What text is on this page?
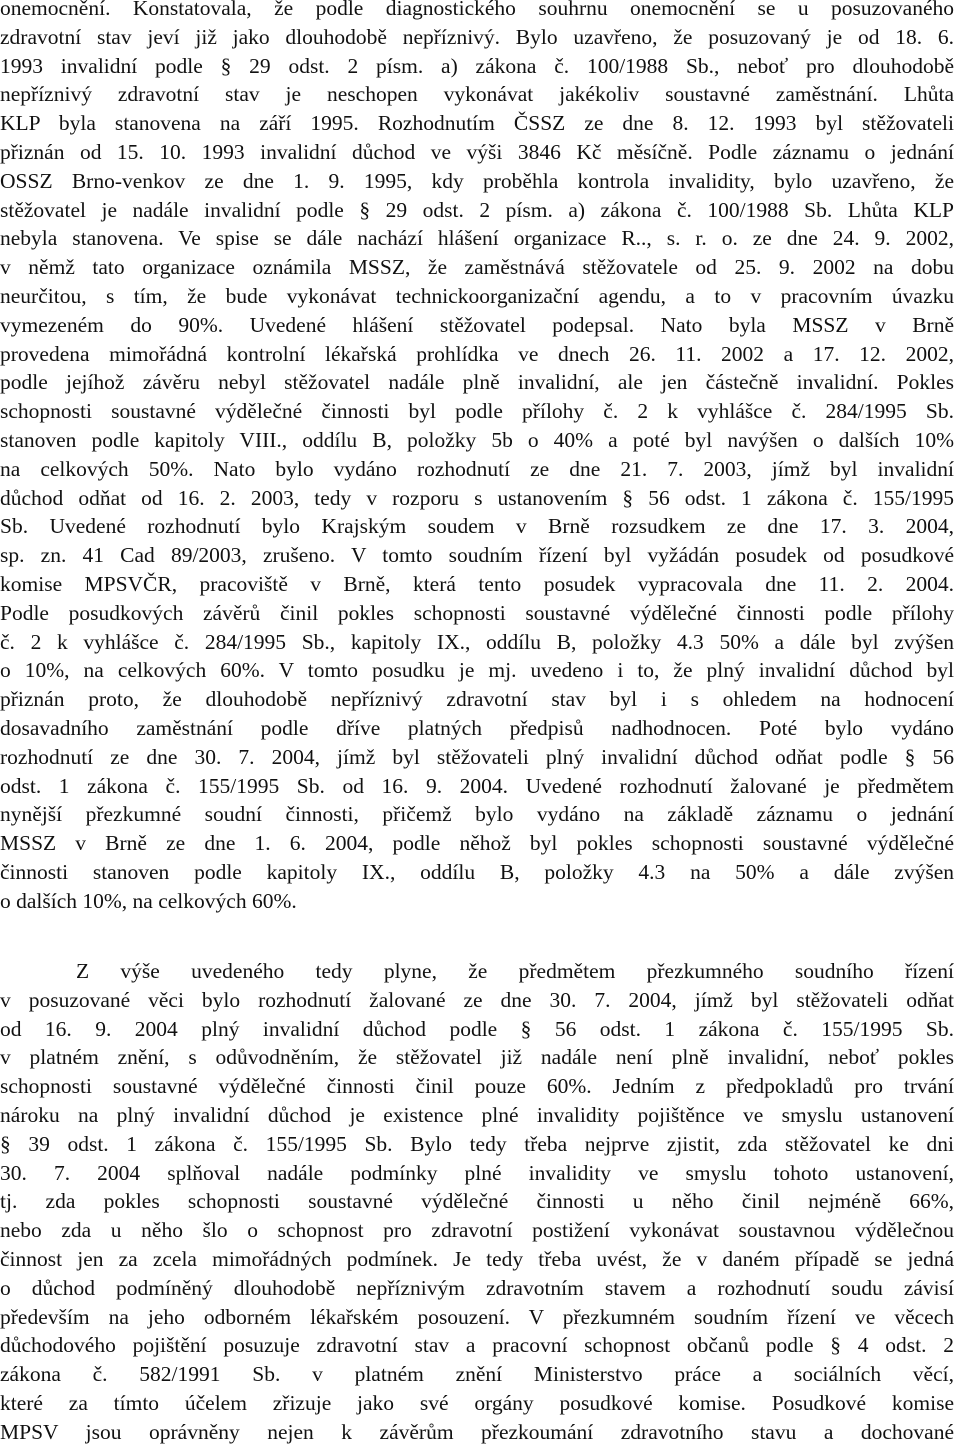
onemocnění. Konstatovala, že podle diagnostického souhrnu onemocnění se u posuzovaného
zdravotní stav jeví již jako dlouhodobě nepříznivý. Bylo uzavřeno, že posuzovaný je od 18. 6.
1993 invalidní podle § 29 odst. 2 písm. a) zákona č. 100/1988 Sb., neboť pro dlouhodobě
nepříznivý zdravotní stav je neschopen vykonávat jakékoliv soustavné zaměstnání. Lhůta
KLP byla stanovena na září 1995. Rozhodnutím ČSSZ ze dne 8. 12. 1993 byl stěžovateli
přiznán od 15. 10. 1993 invalidní důchod ve výši 3846 Kč měsíčně. Podle záznamu o jednání
OSSZ Brno-venkov ze dne 1. 9. 1995, kdy proběhla kontrola invalidity, bylo uzavřeno, že
stěžovatel je nadále invalidní podle § 29 odst. 2 písm. a) zákona č. 100/1988 Sb. Lhůta KLP
nebyla stanovena. Ve spise se dále nachází hlášení organizace R.., s. r. o. ze dne 24. 9. 2002,
v němž tato organizace oznámila MSSZ, že zaměstnává stěžovatele od 25. 9. 2002 na dobu
neurčitou, s tím, že bude vykonávat technickoorganizační agendu, a to v pracovním úvazku
vymezeném do 90%. Uvedené hlášení stěžovatel podepsal. Nato byla MSSZ v Brně
provedena mimořádná kontrolní lékařská prohlídka ve dnech 26. 11. 2002 a 17. 12. 2002,
podle jejíhož závěru nebyl stěžovatel nadále plně invalidní, ale jen částečně invalidní. Pokles
schopnosti soustavné výdělečné činnosti byl podle přílohy č. 2 k vyhlášce č. 284/1995 Sb.
stanoven podle kapitoly VIII., oddílu B, položky 5b o 40% a poté byl navýšen o dalších 10%
na celkových 50%. Nato bylo vydáno rozhodnutí ze dne 21. 7. 2003, jímž byl invalidní
důchod odňat od 16. 2. 2003, tedy v rozporu s ustanovením § 56 odst. 1 zákona č. 155/1995
Sb. Uvedené rozhodnutí bylo Krajským soudem v Brně rozsudkem ze dne 17. 3. 2004,
sp. zn. 41 Cad 89/2003, zrušeno. V tomto soudním řízení byl vyžádán posudek od posudkové
komise MPSVČR, pracoviště v Brně, která tento posudek vypracovala dne 11. 2. 2004.
Podle posudkových závěrů činil pokles schopnosti soustavné výdělečné činnosti podle přílohy
č. 2 k vyhlášce č. 284/1995 Sb., kapitoly IX., oddílu B, položky 4.3 50% a dále byl zvýšen
o 10%, na celkových 60%. V tomto posudku je mj. uvedeno i to, že plný invalidní důchod byl
přiznán proto, že dlouhodobě nepříznivý zdravotní stav byl i s ohledem na hodnocení
dosavadního zaměstnání podle dříve platných předpisů nadhodnocen. Poté bylo vydáno
rozhodnutí ze dne 30. 7. 2004, jímž byl stěžovateli plný invalidní důchod odňat podle § 56
odst. 1 zákona č. 155/1995 Sb. od 16. 9. 2004. Uvedené rozhodnutí žalované je předmětem
nynější přezkumné soudní činnosti, přičemž bylo vydáno na základě záznamu o jednání
MSSZ v Brně ze dne 1. 6. 2004, podle něhož byl pokles schopnosti soustavné výdělečné
činnosti stanoven podle kapitoly IX., oddílu B, položky 4.3 na 50% a dále zvýšen
o dalších 10%, na celkových 60%.
Z výše uvedeného tedy plyne, že předmětem přezkumného soudního řízení
v posuzované věci bylo rozhodnutí žalované ze dne 30. 7. 2004, jímž byl stěžovateli odňat
od 16. 9. 2004 plný invalidní důchod podle § 56 odst. 1 zákona č. 155/1995 Sb.
v platném znění, s odůvodněním, že stěžovatel již nadále není plně invalidní, neboť pokles
schopnosti soustavné výdělečné činnosti činil pouze 60%. Jedním z předpokladů pro trvání
nároku na plný invalidní důchod je existence plné invalidity pojištěnce ve smyslu ustanovení
§ 39 odst. 1 zákona č. 155/1995 Sb. Bylo tedy třeba nejprve zjistit, zda stěžovatel ke dni
30. 7. 2004 splňoval nadále podmínky plné invalidity ve smyslu tohoto ustanovení,
tj. zda pokles schopnosti soustavné výdělečné činnosti u něho činil nejméně 66%,
nebo zda u něho šlo o schopnost pro zdravotní postižení vykonávat soustavnou výdělečnou
činnost jen za zcela mimořádných podmínek. Je tedy třeba uvést, že v daném případě se jedná
o důchod podmíněný dlouhodobě nepříznivým zdravotním stavem a rozhodnutí soudu závisí
především na jeho odborném lékařském posouzení. V přezkumném soudním řízení ve věcech
důchodového pojištění posuzuje zdravotní stav a pracovní schopnost občanů podle § 4 odst. 2
zákona č. 582/1991 Sb. v platném znění Ministerstvo práce a sociálních věcí,
které za tímto účelem zřizuje jako své orgány posudkové komise. Posudkové komise
MPSV jsou oprávněny nejen k závěrům přezkoumání zdravotního stavu a dochované
